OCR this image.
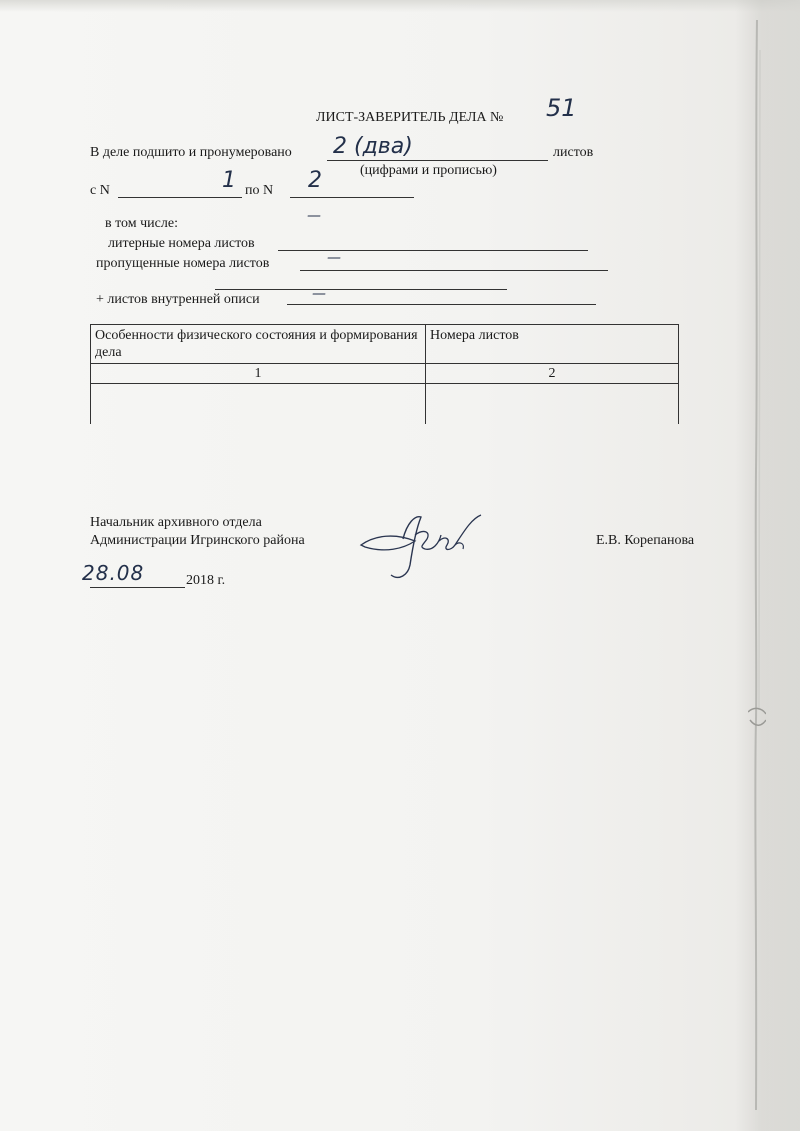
ЛИСТ-ЗАВЕРИТЕЛЬ ДЕЛА № 51
В деле подшито и пронумеровано 2 (два)	листов
(цифрами и прописью)
с N	1 по N 2
в том числе:	—
литерные номера листов
пропущенные номера листов	—
+ листов внутренней описи	—
Особенности физического состояния и формирования дела	Номера листов
1	2

Начальник архивного отдела
Администрации Игринского района	Е.В. Корепанова
28.08	2018 г.
